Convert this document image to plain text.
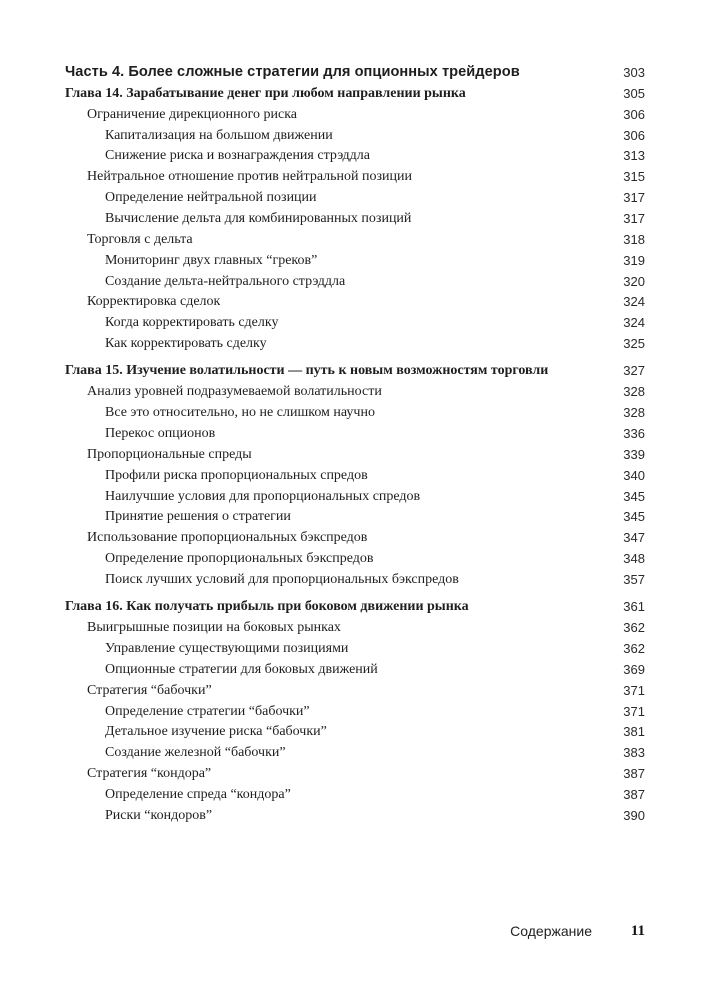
Часть 4. Более сложные стратегии для опционных трейдеров	303
Глава 14. Зарабатывание денег при любом направлении рынка	305
Ограничение дирекционного риска	306
Капитализация на большом движении	306
Снижение риска и вознаграждения стрэддла	313
Нейтральное отношение против нейтральной позиции	315
Определение нейтральной позиции	317
Вычисление дельта для комбинированных позиций	317
Торговля с дельта	318
Мониторинг двух главных “греков”	319
Создание дельта-нейтрального стрэддла	320
Корректировка сделок	324
Когда корректировать сделку	324
Как корректировать сделку	325
Глава 15. Изучение волатильности — путь к новым возможностям торговли	327
Анализ уровней подразумеваемой волатильности	328
Все это относительно, но не слишком научно	328
Перекос опционов	336
Пропорциональные спреды	339
Профили риска пропорциональных спредов	340
Наилучшие условия для пропорциональных спредов	345
Принятие решения о стратегии	345
Использование пропорциональных бэкспредов	347
Определение пропорциональных бэкспредов	348
Поиск лучших условий для пропорциональных бэкспредов	357
Глава 16. Как получать прибыль при боковом движении рынка	361
Выигрышные позиции на боковых рынках	362
Управление существующими позициями	362
Опционные стратегии для боковых движений	369
Стратегия “бабочки”	371
Определение стратегии “бабочки”	371
Детальное изучение риска “бабочки”	381
Создание железной “бабочки”	383
Стратегия “кондора”	387
Определение спреда “кондора”	387
Риски “кондоров”	390
Содержание	11
